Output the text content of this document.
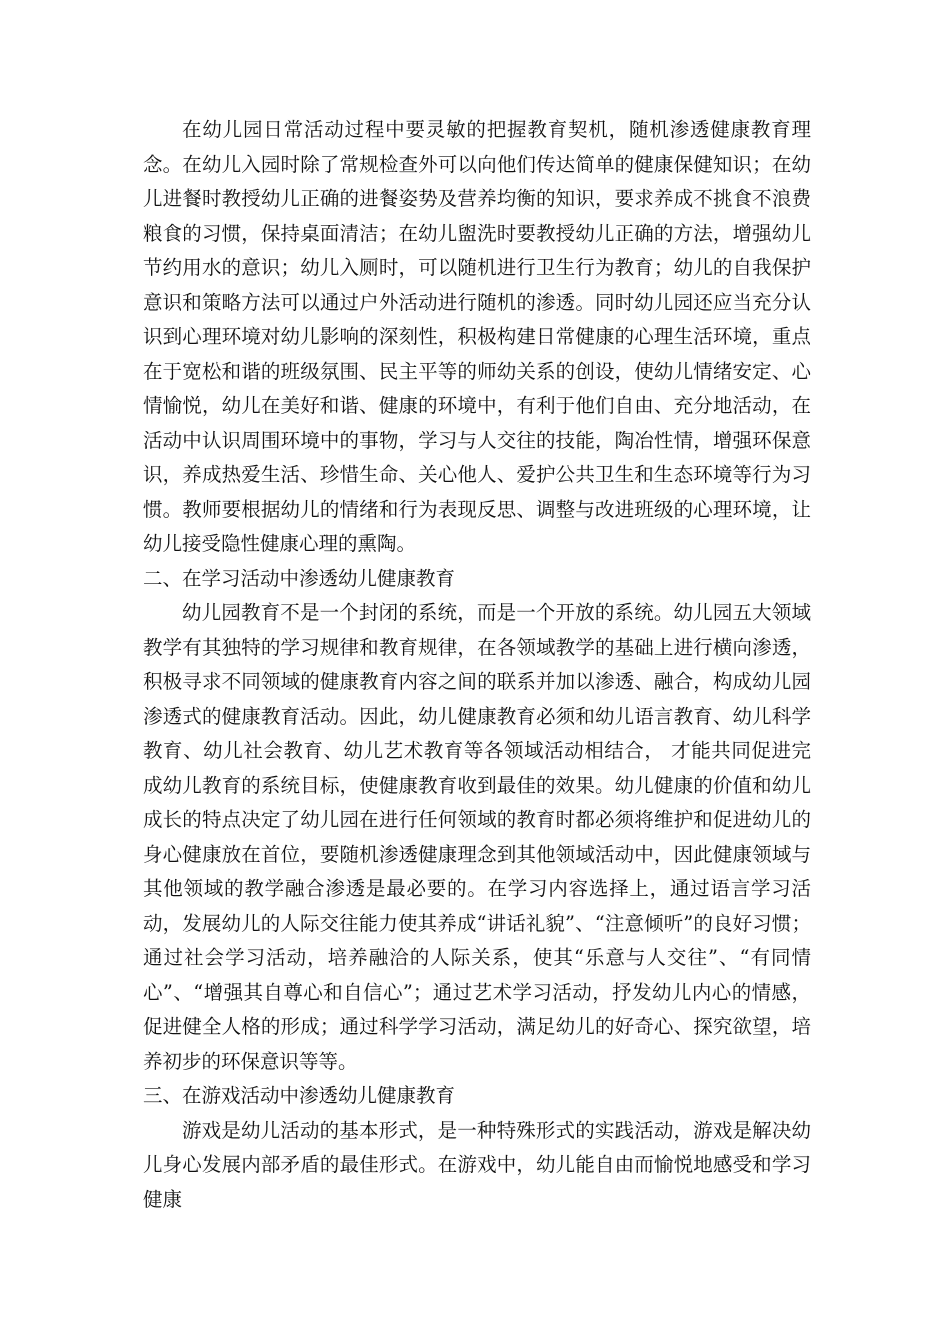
在幼儿园日常活动过程中要灵敏的把握教育契机，随机渗透健康教育理念。在幼儿入园时除了常规检查外可以向他们传达简单的健康保健知识；在幼儿进餐时教授幼儿正确的进餐姿势及营养均衡的知识，要求养成不挑食不浪费粮食的习惯，保持桌面清洁；在幼儿盥洗时要教授幼儿正确的方法，增强幼儿节约用水的意识；幼儿入厕时，可以随机进行卫生行为教育；幼儿的自我保护意识和策略方法可以通过户外活动进行随机的渗透。同时幼儿园还应当充分认识到心理环境对幼儿影响的深刻性，积极构建日常健康的心理生活环境，重点在于宽松和谐的班级氛围、民主平等的师幼关系的创设，使幼儿情绪安定、心情愉悦，幼儿在美好和谐、健康的环境中，有利于他们自由、充分地活动，在活动中认识周围环境中的事物，学习与人交往的技能，陶冶性情，增强环保意识，养成热爱生活、珍惜生命、关心他人、爱护公共卫生和生态环境等行为习惯。教师要根据幼儿的情绪和行为表现反思、调整与改进班级的心理环境，让幼儿接受隐性健康心理的熏陶。

二、在学习活动中渗透幼儿健康教育

幼儿园教育不是一个封闭的系统，而是一个开放的系统。幼儿园五大领域教学有其独特的学习规律和教育规律，在各领域教学的基础上进行横向渗透，积极寻求不同领域的健康教育内容之间的联系并加以渗透、融合，构成幼儿园渗透式的健康教育活动。因此，幼儿健康教育必须和幼儿语言教育、幼儿科学教育、幼儿社会教育、幼儿艺术教育等各领域活动相结合， 才能共同促进完成幼儿教育的系统目标，使健康教育收到最佳的效果。幼儿健康的价值和幼儿成长的特点决定了幼儿园在进行任何领域的教育时都必须将维护和促进幼儿的身心健康放在首位，要随机渗透健康理念到其他领域活动中，因此健康领域与其他领域的教学融合渗透是最必要的。在学习内容选择上，通过语言学习活动，发展幼儿的人际交往能力使其养成“讲话礼貌”、“注意倾听”的良好习惯；通过社会学习活动，培养融洽的人际关系，使其“乐意与人交往”、“有同情心”、“增强其自尊心和自信心”；通过艺术学习活动，抒发幼儿内心的情感，促进健全人格的形成；通过科学学习活动，满足幼儿的好奇心、探究欲望，培养初步的环保意识等等。

三、在游戏活动中渗透幼儿健康教育

游戏是幼儿活动的基本形式，是一种特殊形式的实践活动，游戏是解决幼儿身心发展内部矛盾的最佳形式。在游戏中，幼儿能自由而愉悦地感受和学习健康
